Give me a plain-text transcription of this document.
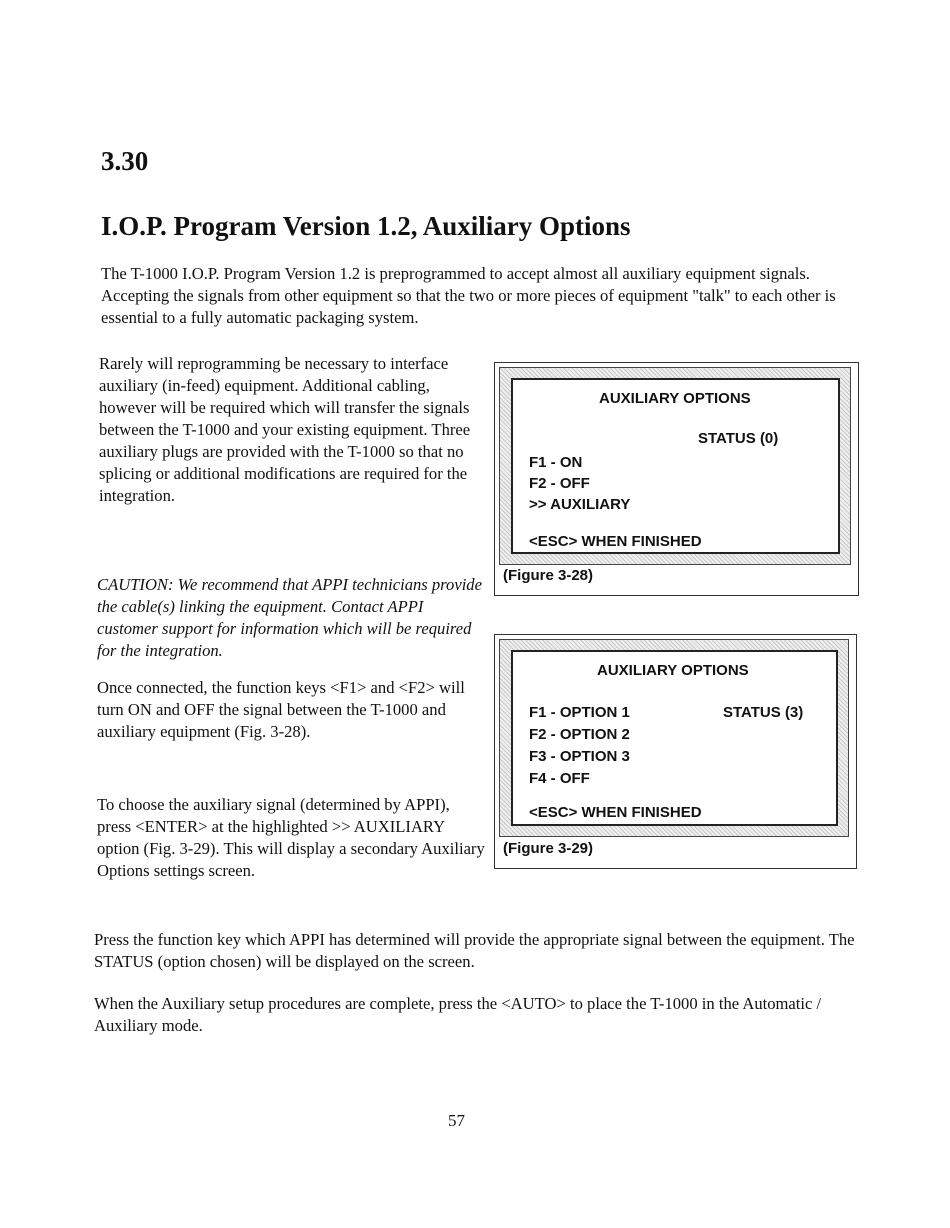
3.30
I.O.P. Program Version 1.2, Auxiliary Options

The T-1000 I.O.P. Program Version 1.2 is preprogrammed to accept almost all auxiliary equipment signals. Accepting the signals from other equipment so that the two or more pieces of equipment "talk" to each other is essential to a fully automatic packaging system.

Rarely will reprogramming be necessary to interface auxiliary (in-feed) equipment. Additional cabling, however will be required which will transfer the signals between the T-1000 and your existing equipment. Three auxiliary plugs are provided with the T-1000 so that no splicing or additional modifications are required for the integration.

CAUTION: We recommend that APPI technicians provide the cable(s) linking the equipment. Contact APPI customer support for information which will be required for the integration.

Once connected, the function keys <F1> and <F2> will turn ON and OFF the signal between the T-1000 and auxiliary equipment (Fig. 3-28).

To choose the auxiliary signal (determined by APPI), press <ENTER> at the highlighted >> AUXILIARY option (Fig. 3-29). This will display a secondary Auxiliary Options settings screen.

Press the function key which APPI has determined will provide the appropriate signal between the equipment. The STATUS (option chosen) will be displayed on the screen.

When the Auxiliary setup procedures are complete, press the <AUTO> to place the T-1000 in the Automatic / Auxiliary mode.

AUXILIARY OPTIONS

STATUS (0)

F1 - ON

F2 - OFF

>> AUXILIARY

<ESC> WHEN FINISHED

(Figure 3-28)

AUXILIARY OPTIONS

F1 - OPTION 1	STATUS (3)

F2 - OPTION 2

F3 - OPTION 3

F4 - OFF

<ESC> WHEN FINISHED

(Figure 3-29)

57
